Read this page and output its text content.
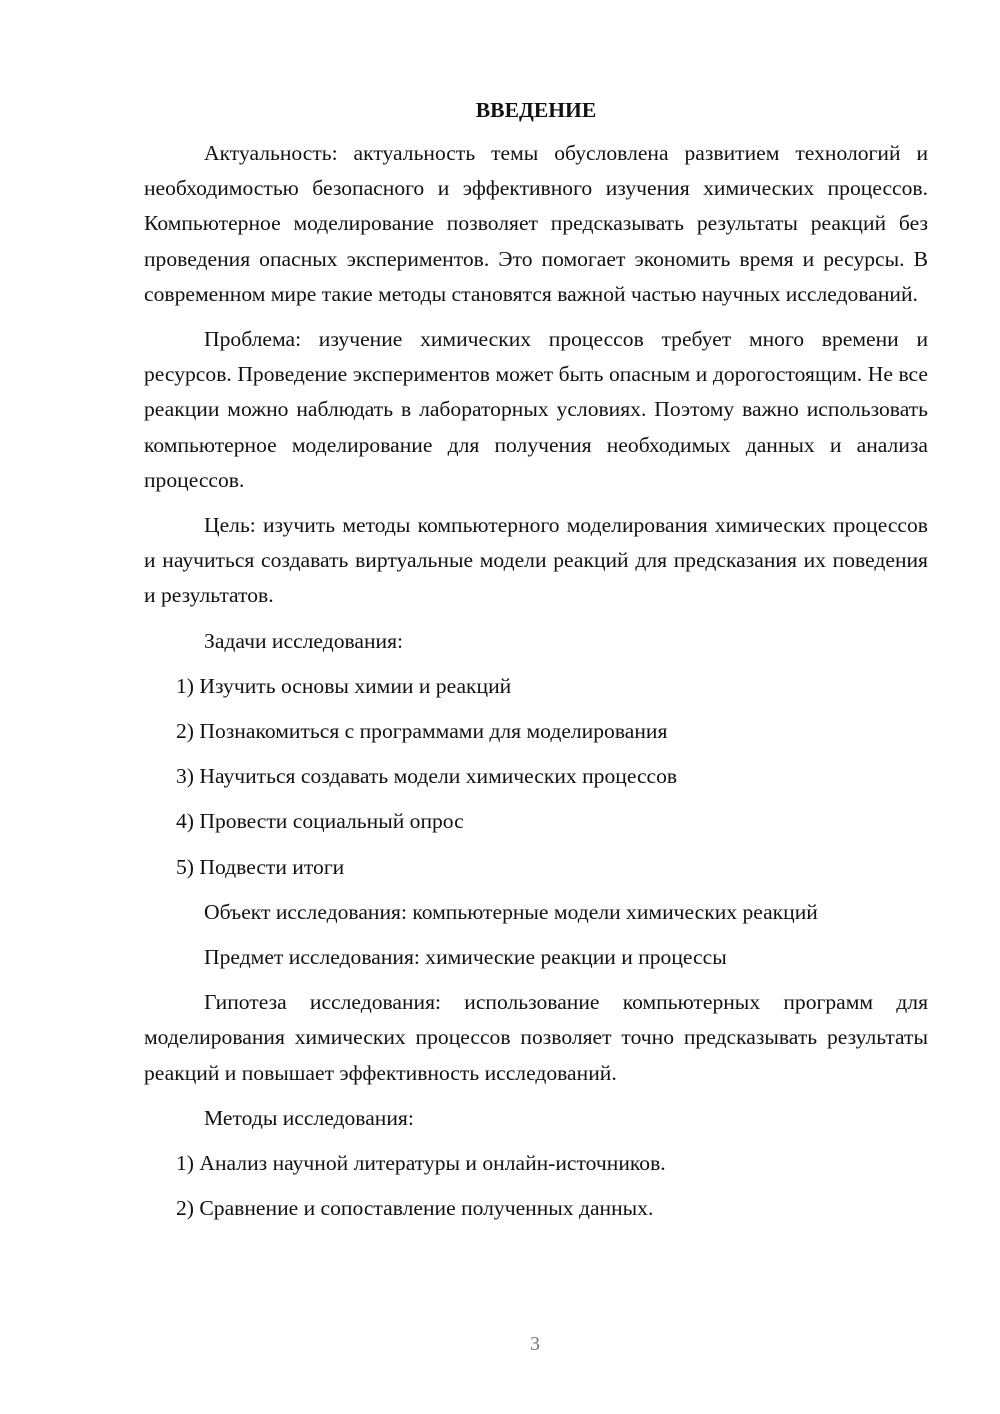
ВВЕДЕНИЕ

Актуальность: актуальность темы обусловлена развитием технологий и необходимостью безопасного и эффективного изучения химических процессов. Компьютерное моделирование позволяет предсказывать результаты реакций без проведения опасных экспериментов. Это помогает экономить время и ресурсы. В современном мире такие методы становятся важной частью научных исследований.

Проблема: изучение химических процессов требует много времени и ресурсов. Проведение экспериментов может быть опасным и дорогостоящим. Не все реакции можно наблюдать в лабораторных условиях. Поэтому важно использовать компьютерное моделирование для получения необходимых данных и анализа процессов.

Цель: изучить методы компьютерного моделирования химических процессов и научиться создавать виртуальные модели реакций для предсказания их поведения и результатов.

Задачи исследования:
1) Изучить основы химии и реакций
2) Познакомиться с программами для моделирования
3) Научиться создавать модели химических процессов
4) Провести социальный опрос
5) Подвести итоги
Объект исследования: компьютерные модели химических реакций
Предмет исследования: химические реакции и процессы

Гипотеза исследования: использование компьютерных программ для моделирования химических процессов позволяет точно предсказывать результаты реакций и повышает эффективность исследований.

Методы исследования:
1) Анализ научной литературы и онлайн-источников.
2) Сравнение и сопоставление полученных данных.
3
